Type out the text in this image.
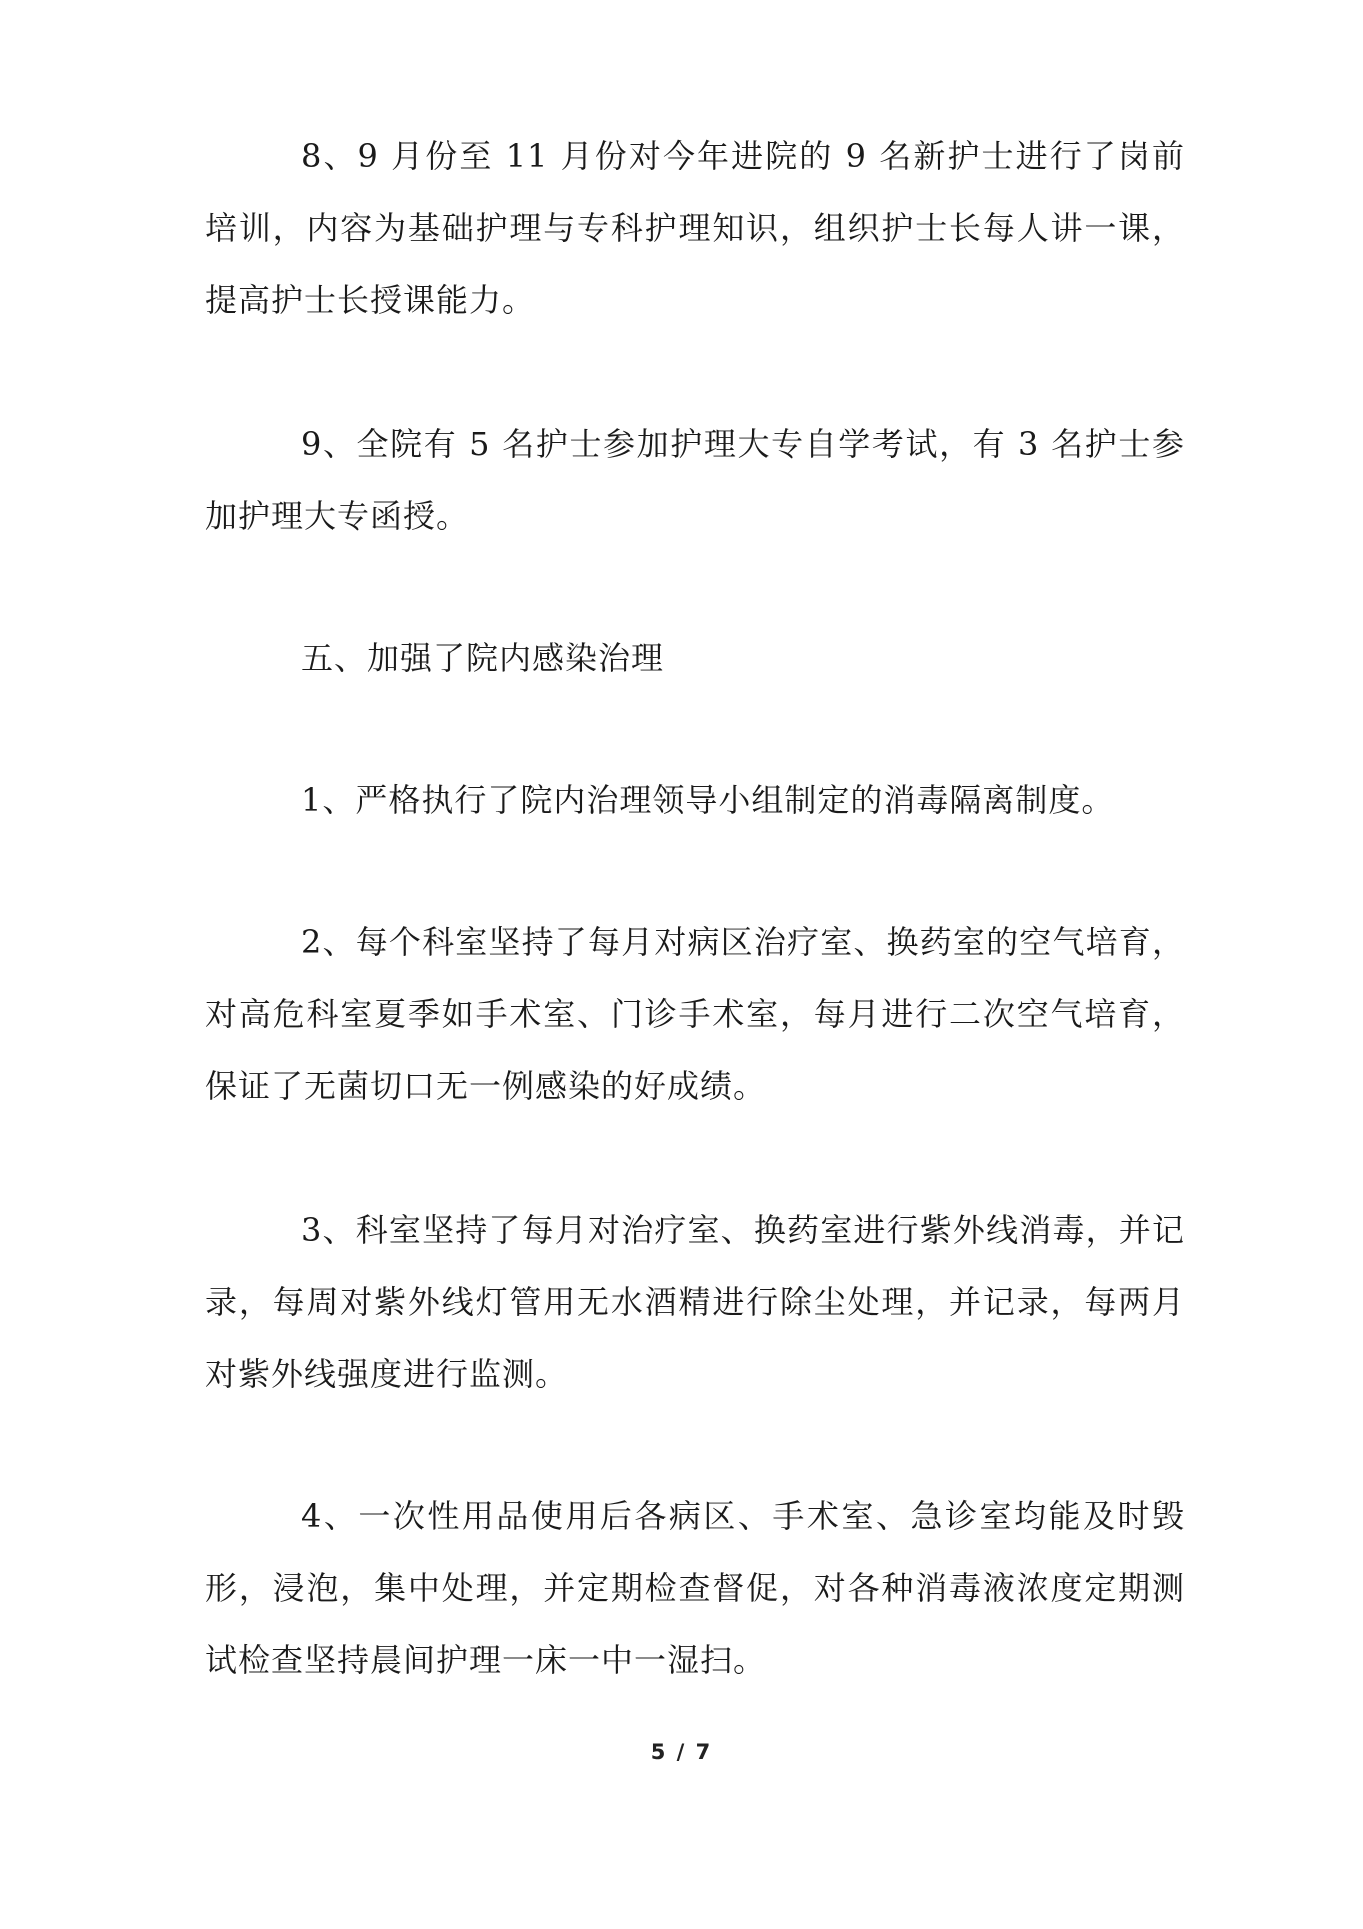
8、9 月份至 11 月份对今年进院的 9 名新护士进行了岗前培训，内容为基础护理与专科护理知识，组织护士长每人讲一课，提高护士长授课能力。

9、全院有 5 名护士参加护理大专自学考试，有 3 名护士参加护理大专函授。

五、加强了院内感染治理

1、严格执行了院内治理领导小组制定的消毒隔离制度。

2、每个科室坚持了每月对病区治疗室、换药室的空气培育，对高危科室夏季如手术室、门诊手术室，每月进行二次空气培育，保证了无菌切口无一例感染的好成绩。

3、科室坚持了每月对治疗室、换药室进行紫外线消毒，并记录，每周对紫外线灯管用无水酒精进行除尘处理，并记录，每两月对紫外线强度进行监测。

4、一次性用品使用后各病区、手术室、急诊室均能及时毁形，浸泡，集中处理，并定期检查督促，对各种消毒液浓度定期测试检查坚持晨间护理一床一中一湿扫。

5 / 7
